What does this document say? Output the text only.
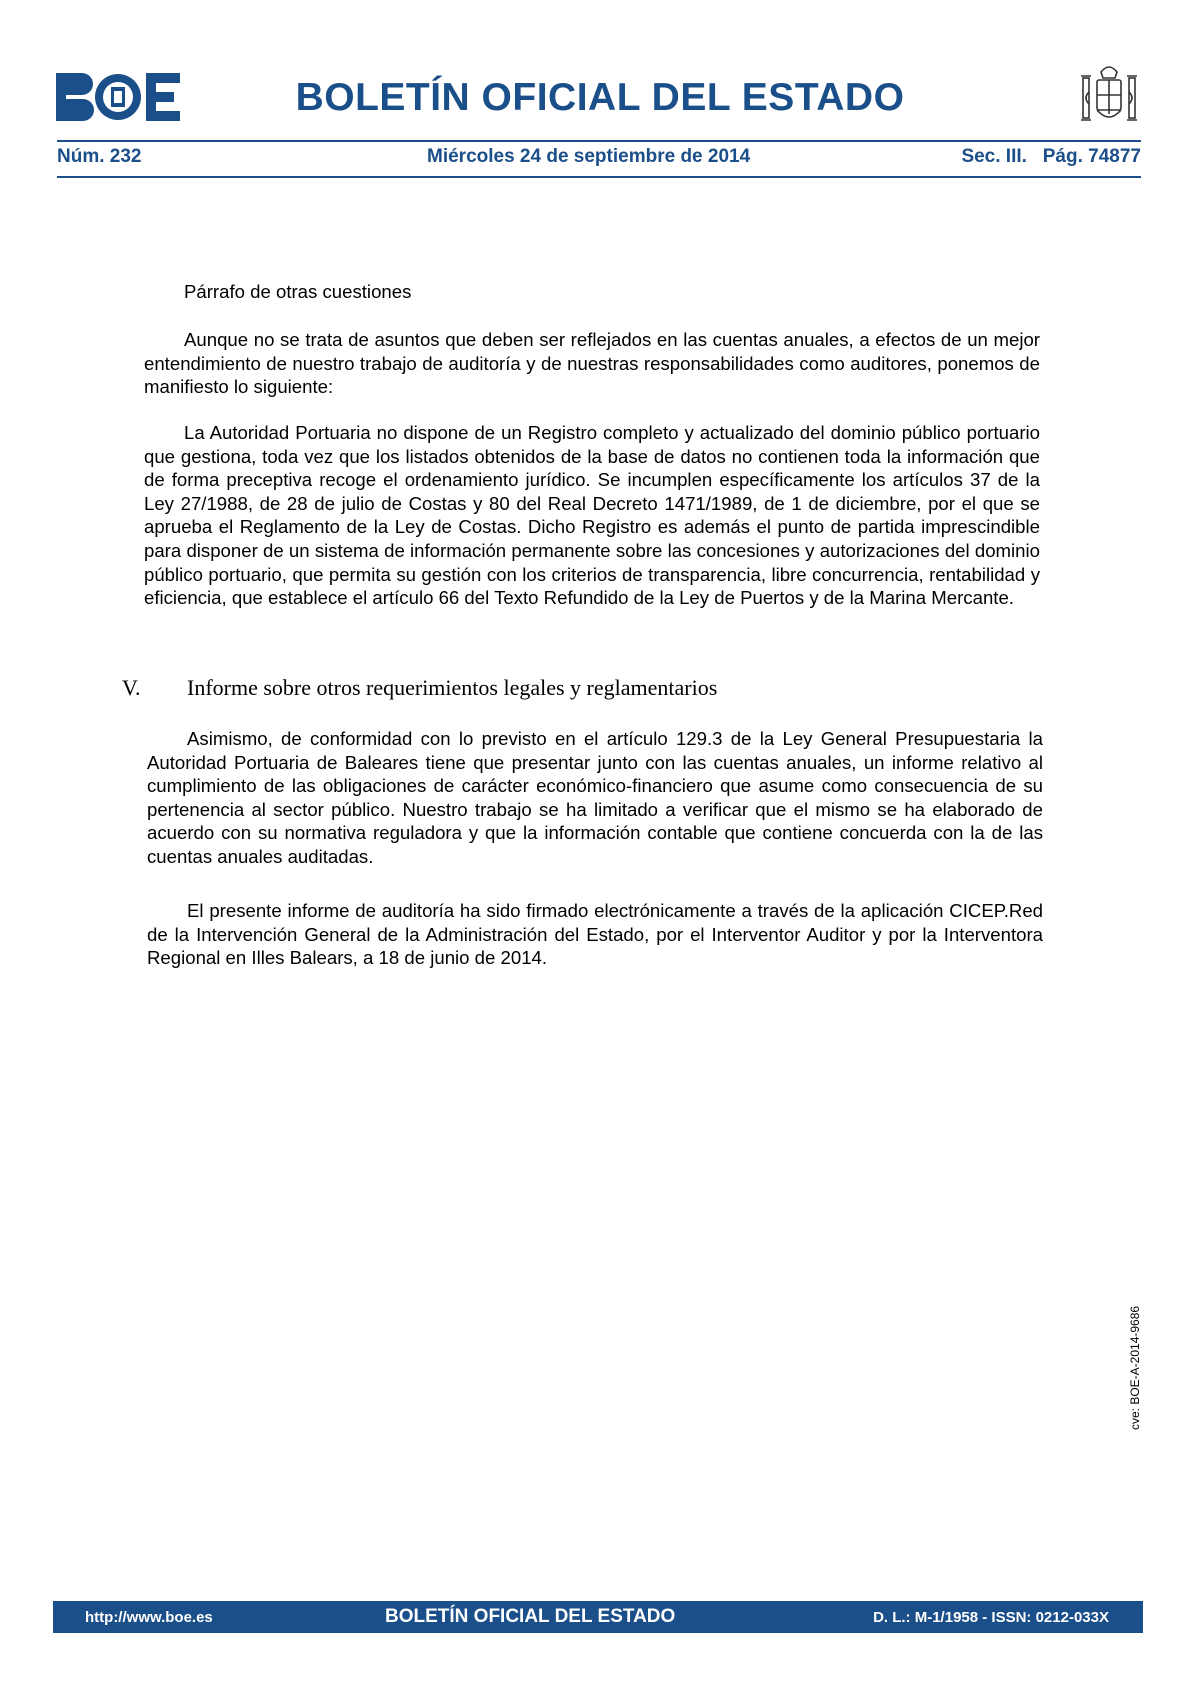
BOLETÍN OFICIAL DEL ESTADO
Núm. 232	Miércoles 24 de septiembre de 2014	Sec. III.   Pág. 74877

Párrafo de otras cuestiones

Aunque no se trata de asuntos que deben ser reflejados en las cuentas anuales, a efectos de un mejor entendimiento de nuestro trabajo de auditoría y de nuestras responsabilidades como auditores, ponemos de manifiesto lo siguiente:

La Autoridad Portuaria no dispone de un Registro completo y actualizado del dominio público portuario que gestiona, toda vez que los listados obtenidos de la base de datos no contienen toda la información que de forma preceptiva recoge el ordenamiento jurídico. Se incumplen específicamente los artículos 37 de la Ley 27/1988, de 28 de julio de Costas y 80 del Real Decreto 1471/1989, de 1 de diciembre, por el que se aprueba el Reglamento de la Ley de Costas. Dicho Registro es además el punto de partida imprescindible para disponer de un sistema de información permanente sobre las concesiones y autorizaciones del dominio público portuario, que permita su gestión con los criterios de transparencia, libre concurrencia, rentabilidad y eficiencia, que establece el artículo 66 del Texto Refundido de la Ley de Puertos y de la Marina Mercante.

V. Informe sobre otros requerimientos legales y reglamentarios

Asimismo, de conformidad con lo previsto en el artículo 129.3 de la Ley General Presupuestaria la Autoridad Portuaria de Baleares tiene que presentar junto con las cuentas anuales, un informe relativo al cumplimiento de las obligaciones de carácter económico-financiero que asume como consecuencia de su pertenencia al sector público. Nuestro trabajo se ha limitado a verificar que el mismo se ha elaborado de acuerdo con su normativa reguladora y que la información contable que contiene concuerda con la de las cuentas anuales auditadas.

El presente informe de auditoría ha sido firmado electrónicamente a través de la aplicación CICEP.Red de la Intervención General de la Administración del Estado, por el Interventor Auditor y por la Interventora Regional en Illes Balears, a 18 de junio de 2014.

cve: BOE-A-2014-9686
http://www.boe.es	BOLETÍN OFICIAL DEL ESTADO	D. L.: M-1/1958 - ISSN: 0212-033X
